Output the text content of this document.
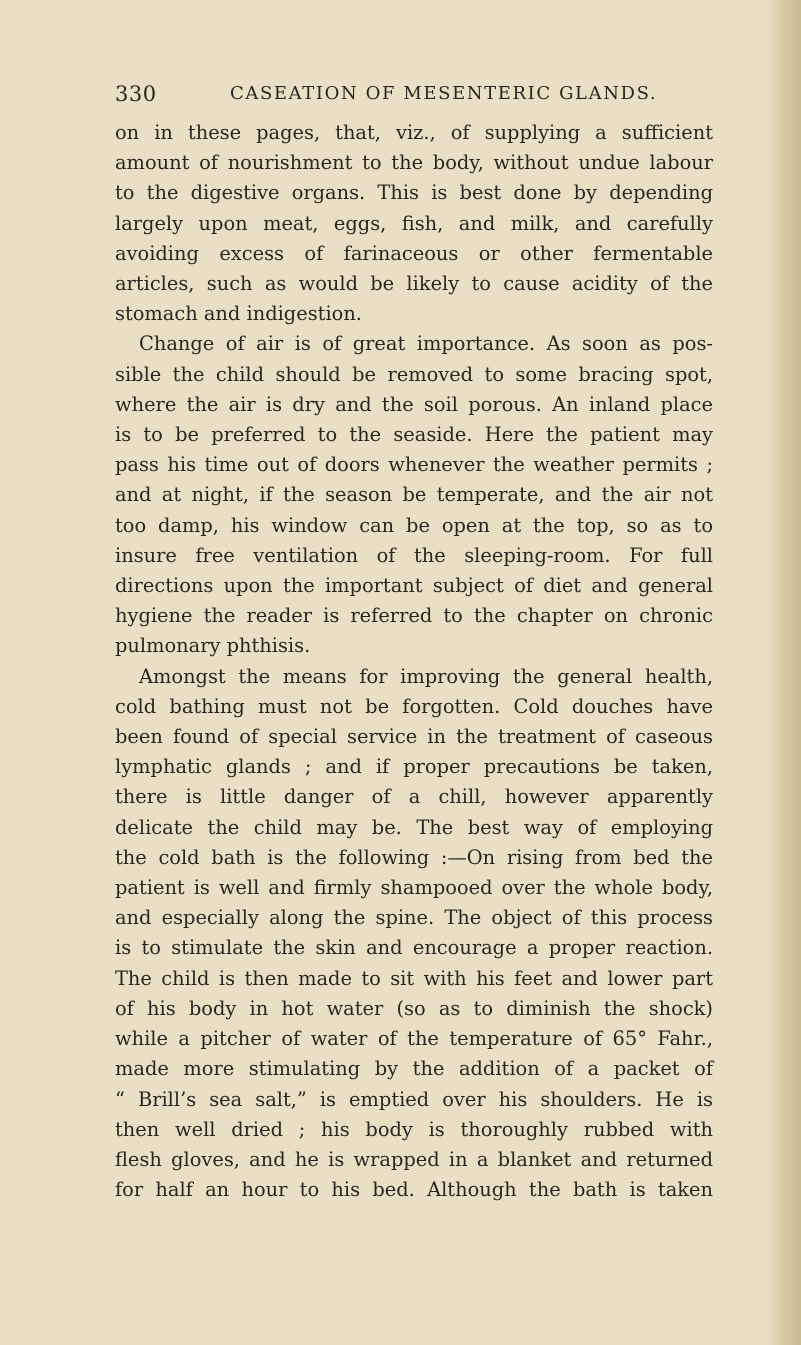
330	CASEATION OF MESENTERIC GLANDS.
on in these pages, that, viz., of supplying a sufficient
amount of nourishment to the body, without undue labour
to the digestive organs. This is best done by depending
largely upon meat, eggs, fish, and milk, and carefully
avoiding excess of farinaceous or other fermentable
articles, such as would be likely to cause acidity of the
stomach and indigestion.
Change of air is of great importance. As soon as pos-
sible the child should be removed to some bracing spot,
where the air is dry and the soil porous. An inland place
is to be preferred to the seaside. Here the patient may
pass his time out of doors whenever the weather permits ;
and at night, if the season be temperate, and the air not
too damp, his window can be open at the top, so as to
insure free ventilation of the sleeping-room. For full
directions upon the important subject of diet and general
hygiene the reader is referred to the chapter on chronic
pulmonary phthisis.
Amongst the means for improving the general health,
cold bathing must not be forgotten. Cold douches have
been found of special service in the treatment of caseous
lymphatic glands ; and if proper precautions be taken,
there is little danger of a chill, however apparently
delicate the child may be. The best way of employing
the cold bath is the following :—On rising from bed the
patient is well and firmly shampooed over the whole body,
and especially along the spine. The object of this process
is to stimulate the skin and encourage a proper reaction.
The child is then made to sit with his feet and lower part
of his body in hot water (so as to diminish the shock)
while a pitcher of water of the temperature of 65° Fahr.,
made more stimulating by the addition of a packet of
“ Brill’s sea salt,” is emptied over his shoulders. He is
then well dried ; his body is thoroughly rubbed with
flesh gloves, and he is wrapped in a blanket and returned
for half an hour to his bed. Although the bath is taken
